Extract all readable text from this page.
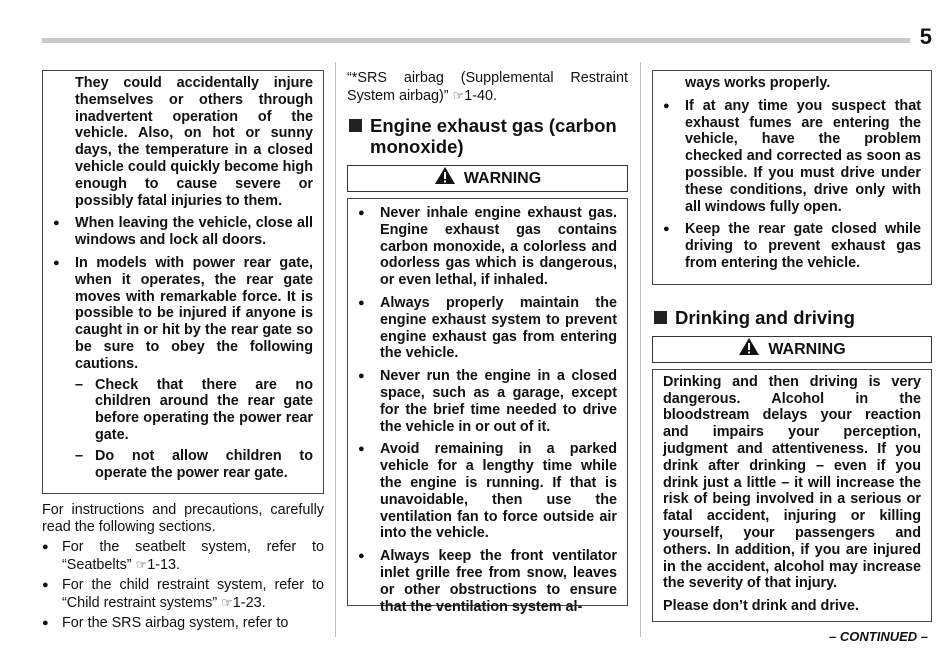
5
They could accidentally injure themselves or others through inadvertent operation of the vehicle. Also, on hot or sunny days, the temperature in a closed vehicle could quickly become high enough to cause severe or possibly fatal injuries to them.
● When leaving the vehicle, close all windows and lock all doors.
● In models with power rear gate, when it operates, the rear gate moves with remarkable force. It is possible to be injured if anyone is caught in or hit by the rear gate so be sure to obey the following cautions.
– Check that there are no children around the rear gate before operating the power rear gate.
– Do not allow children to operate the power rear gate.

For instructions and precautions, carefully read the following sections.

● For the seatbelt system, refer to “Seatbelts” ☞1-13.
● For the child restraint system, refer to “Child restraint systems” ☞1-23.
● For the SRS airbag system, refer to
“*SRS airbag (Supplemental Restraint System airbag)” ☞1-40.
Engine exhaust gas (carbon monoxide)
WARNING
● Never inhale engine exhaust gas. Engine exhaust gas contains carbon monoxide, a colorless and odorless gas which is dangerous, or even lethal, if inhaled.
● Always properly maintain the engine exhaust system to prevent engine exhaust gas from entering the vehicle.
● Never run the engine in a closed space, such as a garage, except for the brief time needed to drive the vehicle in or out of it.
● Avoid remaining in a parked vehicle for a lengthy time while the engine is running. If that is unavoidable, then use the ventilation fan to force outside air into the vehicle.
● Always keep the front ventilator inlet grille free from snow, leaves or other obstructions to ensure that the ventilation system al-
ways works properly.
● If at any time you suspect that exhaust fumes are entering the vehicle, have the problem checked and corrected as soon as possible. If you must drive under these conditions, drive only with all windows fully open.
● Keep the rear gate closed while driving to prevent exhaust gas from entering the vehicle.
Drinking and driving
WARNING
Drinking and then driving is very dangerous. Alcohol in the bloodstream delays your reaction and impairs your perception, judgment and attentiveness. If you drink after drinking – even if you drink just a little – it will increase the risk of being involved in a serious or fatal accident, injuring or killing yourself, your passengers and others. In addition, if you are injured in the accident, alcohol may increase the severity of that injury.
Please don’t drink and drive.
– CONTINUED –
